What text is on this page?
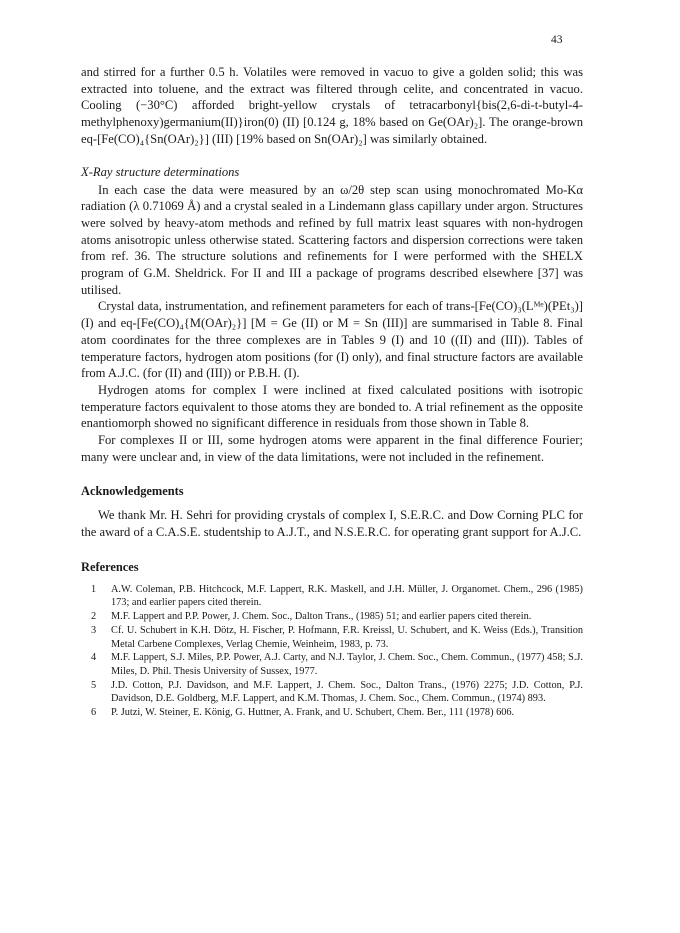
43

and stirred for a further 0.5 h. Volatiles were removed in vacuo to give a golden solid; this was extracted into toluene, and the extract was filtered through celite, and concentrated in vacuo. Cooling (−30°C) afforded bright-yellow crystals of tetracarbonyl{bis(2,6-di-t-butyl-4-methylphenoxy)germanium(II)}iron(0) (II) [0.124 g, 18% based on Ge(OAr)₂]. The orange-brown eq-[Fe(CO)₄{Sn(OAr)₂}] (III) [19% based on Sn(OAr)₂] was similarly obtained.

X-Ray structure determinations

In each case the data were measured by an ω/2θ step scan using monochromated Mo-Kα radiation (λ 0.71069 Å) and a crystal sealed in a Lindemann glass capillary under argon. Structures were solved by heavy-atom methods and refined by full matrix least squares with non-hydrogen atoms anisotropic unless otherwise stated. Scattering factors and dispersion corrections were taken from ref. 36. The structure solutions and refinements for I were performed with the SHELX program of G.M. Sheldrick. For II and III a package of programs described elsewhere [37] was utilised.

Crystal data, instrumentation, and refinement parameters for each of trans-[Fe(CO)₃(Lᴹᵉ)(PEt₃)] (I) and eq-[Fe(CO)₄{M(OAr)₂}] [M = Ge (II) or M = Sn (III)] are summarised in Table 8. Final atom coordinates for the three complexes are in Tables 9 (I) and 10 ((II) and (III)). Tables of temperature factors, hydrogen atom positions (for (I) only), and final structure factors are available from A.J.C. (for (II) and (III)) or P.B.H. (I).

Hydrogen atoms for complex I were inclined at fixed calculated positions with isotropic temperature factors equivalent to those atoms they are bonded to. A trial refinement as the opposite enantiomorph showed no significant difference in residuals from those shown in Table 8.

For complexes II or III, some hydrogen atoms were apparent in the final difference Fourier; many were unclear and, in view of the data limitations, were not included in the refinement.

Acknowledgements

We thank Mr. H. Sehri for providing crystals of complex I, S.E.R.C. and Dow Corning PLC for the award of a C.A.S.E. studentship to A.J.T., and N.S.E.R.C. for operating grant support for A.J.C.

References
1 A.W. Coleman, P.B. Hitchcock, M.F. Lappert, R.K. Maskell, and J.H. Müller, J. Organomet. Chem., 296 (1985) 173; and earlier papers cited therein.
2 M.F. Lappert and P.P. Power, J. Chem. Soc., Dalton Trans., (1985) 51; and earlier papers cited therein.
3 Cf. U. Schubert in K.H. Dötz, H. Fischer, P. Hofmann, F.R. Kreissl, U. Schubert, and K. Weiss (Eds.), Transition Metal Carbene Complexes, Verlag Chemie, Weinheim, 1983, p. 73.
4 M.F. Lappert, S.J. Miles, P.P. Power, A.J. Carty, and N.J. Taylor, J. Chem. Soc., Chem. Commun., (1977) 458; S.J. Miles, D. Phil. Thesis University of Sussex, 1977.
5 J.D. Cotton, P.J. Davidson, and M.F. Lappert, J. Chem. Soc., Dalton Trans., (1976) 2275; J.D. Cotton, P.J. Davidson, D.E. Goldberg, M.F. Lappert, and K.M. Thomas, J. Chem. Soc., Chem. Commun., (1974) 893.
6 P. Jutzi, W. Steiner, E. König, G. Huttner, A. Frank, and U. Schubert, Chem. Ber., 111 (1978) 606.
